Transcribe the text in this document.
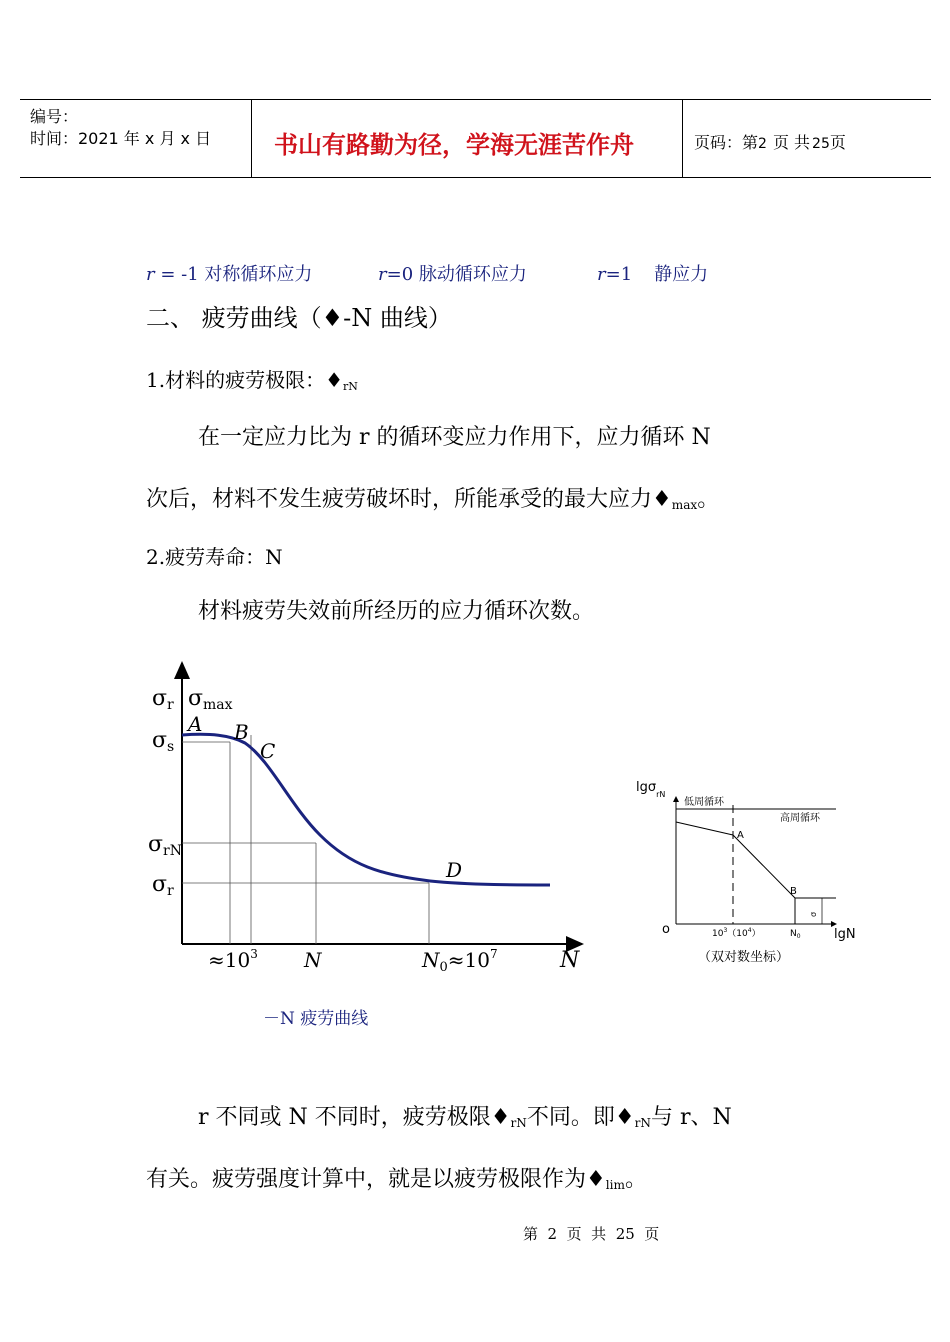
编号：
时间：2021 年 x 月 x 日	书山有路勤为径，学海无涯苦作舟	页码：第2 页 共 25页
r = -1 对称循环应力	r=0 脉动循环应力	r=1 静应力
二、 疲劳曲线（♦-N 曲线）
1.材料的疲劳极限：$♦_{rN}$
在一定应力比为 r 的循环变应力作用下，应力循环 N
次后，材料不发生疲劳破坏时，所能承受的最大应力$♦_{max}$。
2.疲劳寿命：N
材料疲劳失效前所经历的应力循环次数。
σr σmax
σs
σrN
σr
A B
C
D
$\approx 10^3$ N	$N_0\approx 10^7$	N
－N 疲劳曲线
lgσ$_{rN}$
低周循环
高周循环
A
B
σ
o	$10^3(10^4)$	$N_0$	lgN
（双对数坐标）
r 不同或 N 不同时，疲劳极限$♦_{rN}$不同。即$♦_{rN}$与 r、N
有关。疲劳强度计算中，就是以疲劳极限作为$♦_{lim}$。
第  2  页  共  25  页
